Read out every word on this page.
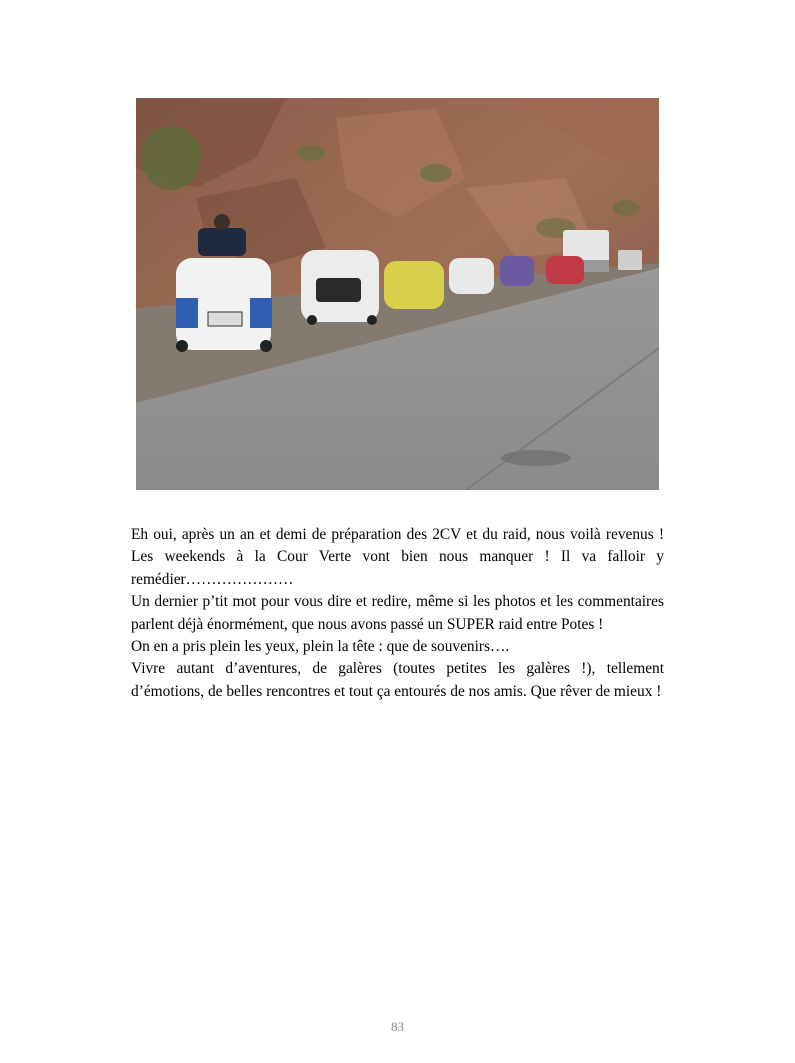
Eh oui, après un an et demi de préparation des 2CV et du raid, nous voilà revenus ! Les weekends à la Cour Verte vont bien nous manquer ! Il va falloir y remédier…………………

Un dernier p’tit mot pour vous dire et redire, même si les photos et les commentaires parlent déjà énormément, que nous avons passé un SUPER raid entre Potes !

On en a pris plein les yeux, plein la tête : que de souvenirs….

Vivre autant d’aventures, de galères (toutes petites les galères !), tellement d’émotions, de belles rencontres et tout ça entourés de nos amis. Que rêver de mieux !

83
